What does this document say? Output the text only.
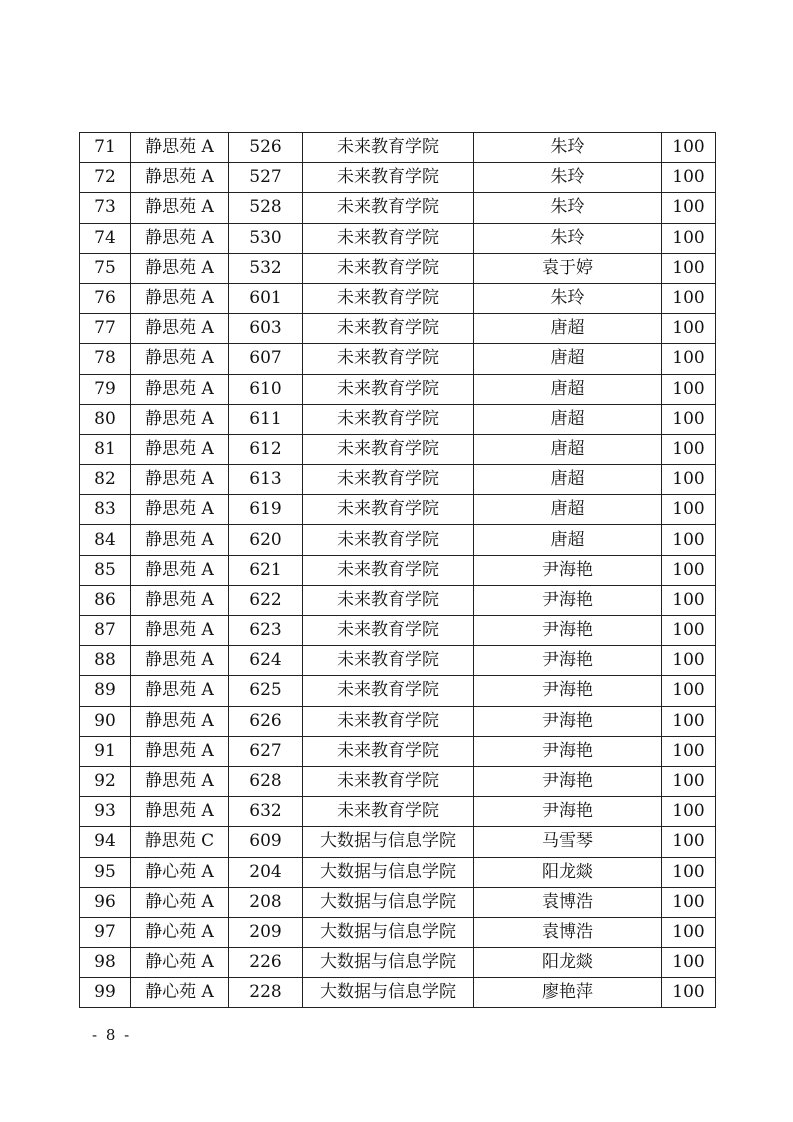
71	静思苑 A	526	未来教育学院	朱玲	100
72	静思苑 A	527	未来教育学院	朱玲	100
73	静思苑 A	528	未来教育学院	朱玲	100
74	静思苑 A	530	未来教育学院	朱玲	100
75	静思苑 A	532	未来教育学院	袁于婷	100
76	静思苑 A	601	未来教育学院	朱玲	100
77	静思苑 A	603	未来教育学院	唐超	100
78	静思苑 A	607	未来教育学院	唐超	100
79	静思苑 A	610	未来教育学院	唐超	100
80	静思苑 A	611	未来教育学院	唐超	100
81	静思苑 A	612	未来教育学院	唐超	100
82	静思苑 A	613	未来教育学院	唐超	100
83	静思苑 A	619	未来教育学院	唐超	100
84	静思苑 A	620	未来教育学院	唐超	100
85	静思苑 A	621	未来教育学院	尹海艳	100
86	静思苑 A	622	未来教育学院	尹海艳	100
87	静思苑 A	623	未来教育学院	尹海艳	100
88	静思苑 A	624	未来教育学院	尹海艳	100
89	静思苑 A	625	未来教育学院	尹海艳	100
90	静思苑 A	626	未来教育学院	尹海艳	100
91	静思苑 A	627	未来教育学院	尹海艳	100
92	静思苑 A	628	未来教育学院	尹海艳	100
93	静思苑 A	632	未来教育学院	尹海艳	100
94	静思苑 C	609	大数据与信息学院	马雪琴	100
95	静心苑 A	204	大数据与信息学院	阳龙燚	100
96	静心苑 A	208	大数据与信息学院	袁博浩	100
97	静心苑 A	209	大数据与信息学院	袁博浩	100
98	静心苑 A	226	大数据与信息学院	阳龙燚	100
99	静心苑 A	228	大数据与信息学院	廖艳萍	100
- 8 -
